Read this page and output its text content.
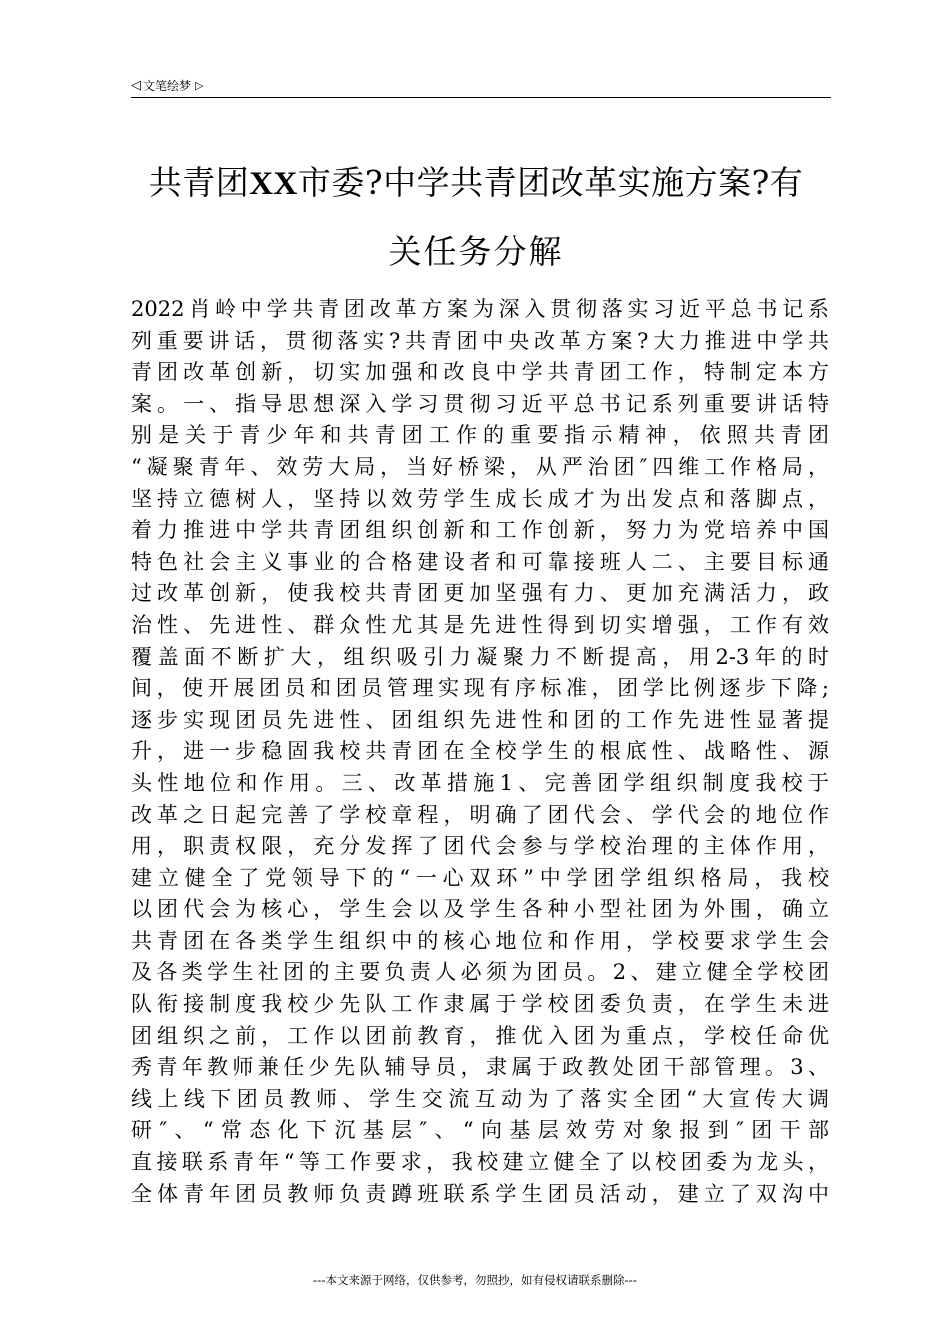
◁ 文笔绘梦 ▷
共青团XX市委?中学共青团改革实施方案?有
关任务分解
2022肖岭中学共青团改革方案为深入贯彻落实习近平总书记系
列重要讲话，贯彻落实?共青团中央改革方案?大力推进中学共
青团改革创新，切实加强和改良中学共青团工作，特制定本方
案。一、指导思想深入学习贯彻习近平总书记系列重要讲话特
别是关于青少年和共青团工作的重要指示精神，依照共青团
“凝聚青年、效劳大局，当好桥梁，从严治团″四维工作格局，
坚持立德树人，坚持以效劳学生成长成才为出发点和落脚点，
着力推进中学共青团组织创新和工作创新，努力为党培养中国
特色社会主义事业的合格建设者和可靠接班人二、主要目标通
过改革创新，使我校共青团更加坚强有力、更加充满活力，政
治性、先进性、群众性尤其是先进性得到切实增强，工作有效
覆盖面不断扩大，组织吸引力凝聚力不断提高，用2-3年的时
间，使开展团员和团员管理实现有序标准，团学比例逐步下降;
逐步实现团员先进性、团组织先进性和团的工作先进性显著提
升，进一步稳固我校共青团在全校学生的根底性、战略性、源
头性地位和作用。三、改革措施1、完善团学组织制度我校于
改革之日起完善了学校章程，明确了团代会、学代会的地位作
用，职责权限，充分发挥了团代会参与学校治理的主体作用，
建立健全了党领导下的“一心双环”中学团学组织格局，我校
以团代会为核心，学生会以及学生各种小型社团为外围，确立
共青团在各类学生组织中的核心地位和作用，学校要求学生会
及各类学生社团的主要负责人必须为团员。2、建立健全学校团
队衔接制度我校少先队工作隶属于学校团委负责，在学生未进
团组织之前，工作以团前教育，推优入团为重点，学校任命优
秀青年教师兼任少先队辅导员，隶属于政教处团干部管理。3、
线上线下团员教师、学生交流互动为了落实全团“大宣传大调
研″、“常态化下沉基层″、“向基层效劳对象报到″团干部
直接联系青年“等工作要求，我校建立健全了以校团委为龙头，
全体青年团员教师负责蹲班联系学生团员活动，建立了双沟中
---本文来源于网络，仅供参考，勿照抄，如有侵权请联系删除---
